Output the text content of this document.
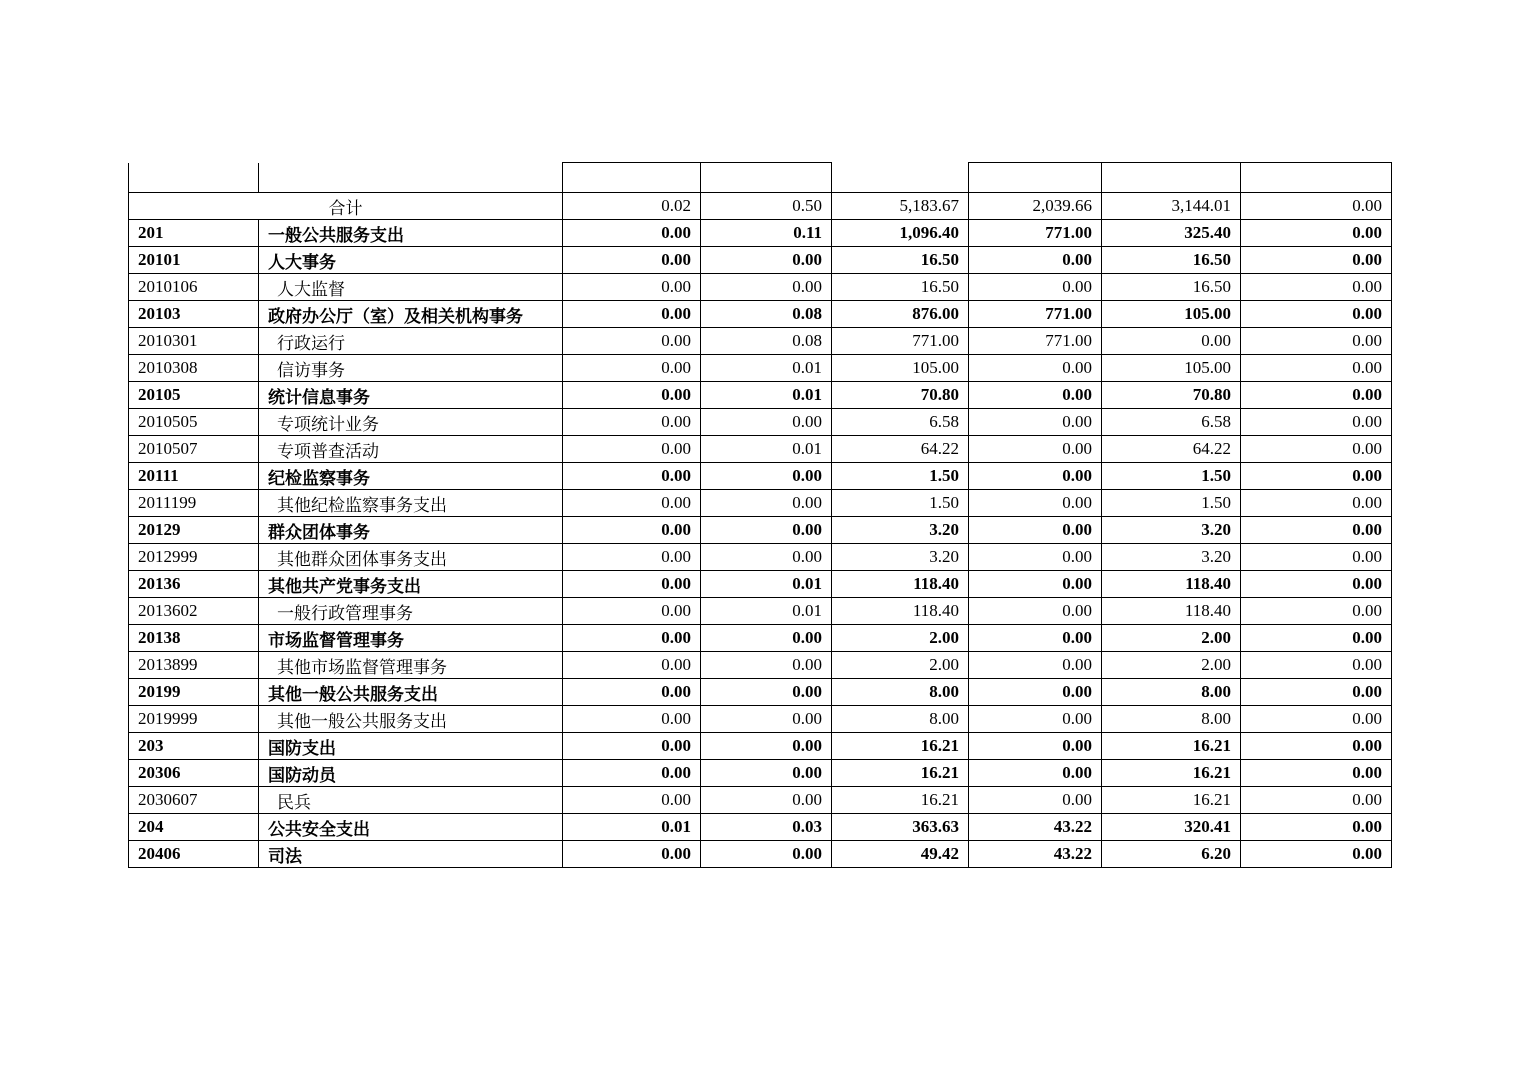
合计		0.02	0.50	5,183.67	2,039.66	3,144.01	0.00
201	一般公共服务支出	0.00	0.11	1,096.40	771.00	325.40	0.00
20101	人大事务	0.00	0.00	16.50	0.00	16.50	0.00
2010106	人大监督	0.00	0.00	16.50	0.00	16.50	0.00
20103	政府办公厅（室）及相关机构事务	0.00	0.08	876.00	771.00	105.00	0.00
2010301	行政运行	0.00	0.08	771.00	771.00	0.00	0.00
2010308	信访事务	0.00	0.01	105.00	0.00	105.00	0.00
20105	统计信息事务	0.00	0.01	70.80	0.00	70.80	0.00
2010505	专项统计业务	0.00	0.00	6.58	0.00	6.58	0.00
2010507	专项普查活动	0.00	0.01	64.22	0.00	64.22	0.00
20111	纪检监察事务	0.00	0.00	1.50	0.00	1.50	0.00
2011199	其他纪检监察事务支出	0.00	0.00	1.50	0.00	1.50	0.00
20129	群众团体事务	0.00	0.00	3.20	0.00	3.20	0.00
2012999	其他群众团体事务支出	0.00	0.00	3.20	0.00	3.20	0.00
20136	其他共产党事务支出	0.00	0.01	118.40	0.00	118.40	0.00
2013602	一般行政管理事务	0.00	0.01	118.40	0.00	118.40	0.00
20138	市场监督管理事务	0.00	0.00	2.00	0.00	2.00	0.00
2013899	其他市场监督管理事务	0.00	0.00	2.00	0.00	2.00	0.00
20199	其他一般公共服务支出	0.00	0.00	8.00	0.00	8.00	0.00
2019999	其他一般公共服务支出	0.00	0.00	8.00	0.00	8.00	0.00
203	国防支出	0.00	0.00	16.21	0.00	16.21	0.00
20306	国防动员	0.00	0.00	16.21	0.00	16.21	0.00
2030607	民兵	0.00	0.00	16.21	0.00	16.21	0.00
204	公共安全支出	0.01	0.03	363.63	43.22	320.41	0.00
20406	司法	0.00	0.00	49.42	43.22	6.20	0.00
